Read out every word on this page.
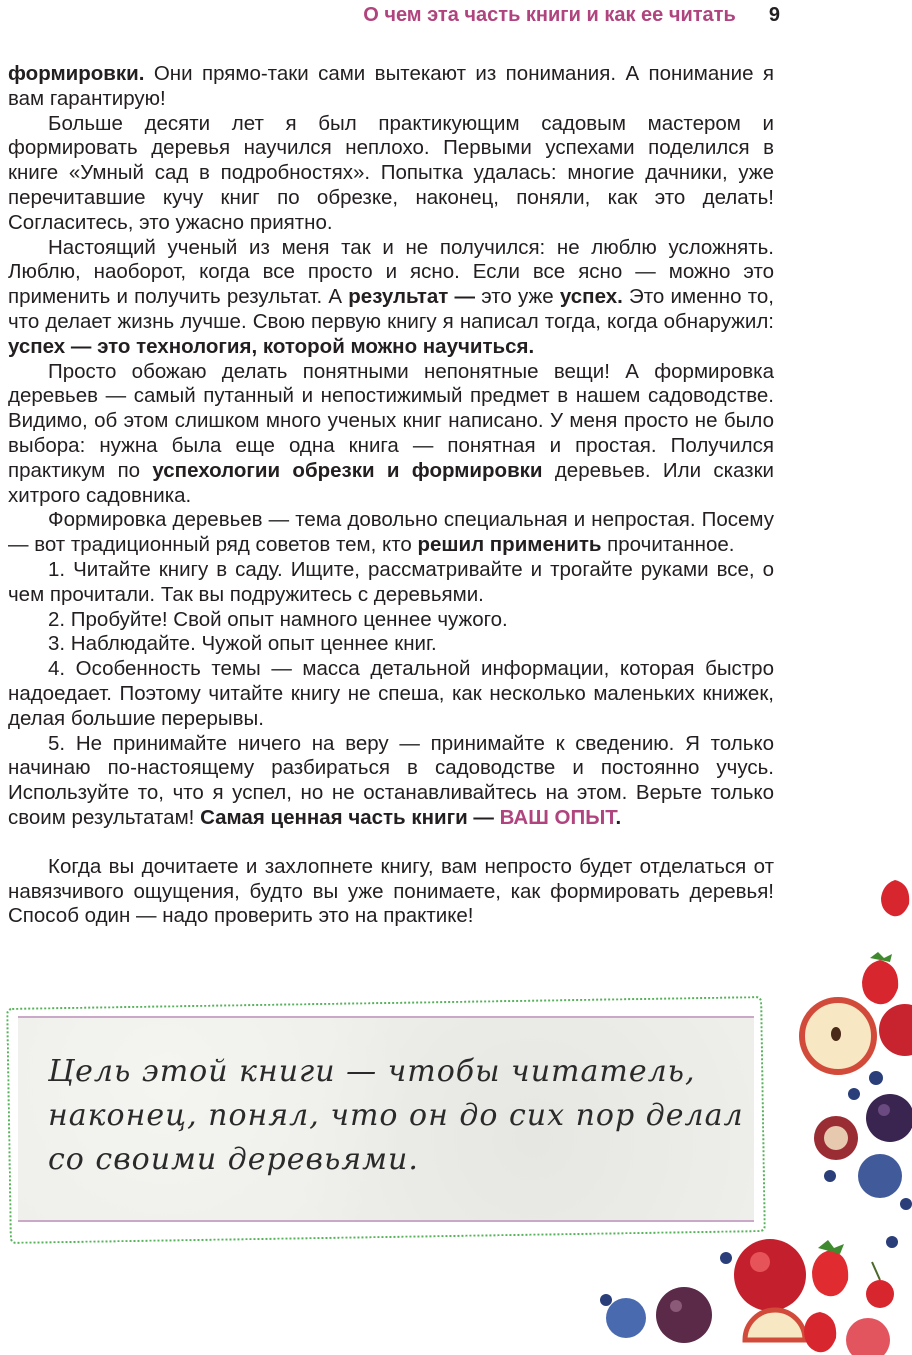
О чем эта часть книги и как ее читать 9

формировки. Они прямо-таки сами вытекают из понимания. А понимание я вам гарантирую!

Больше десяти лет я был практикующим садовым мастером и формировать деревья научился неплохо. Первыми успехами поделился в книге «Умный сад в подробностях». Попытка удалась: многие дачники, уже перечитавшие кучу книг по обрезке, наконец, поняли, как это делать! Согласитесь, это ужасно приятно.

Настоящий ученый из меня так и не получился: не люблю усложнять. Люблю, наоборот, когда все просто и ясно. Если все ясно — можно это применить и получить результат. А результат — это уже успех. Это именно то, что делает жизнь лучше. Свою первую книгу я написал тогда, когда обнаружил: успех — это технология, которой можно научиться.

Просто обожаю делать понятными непонятные вещи! А формировка деревьев — самый путанный и непостижимый предмет в нашем садоводстве. Видимо, об этом слишком много ученых книг написано. У меня просто не было выбора: нужна была еще одна книга — понятная и простая. Получился практикум по успехологии обрезки и формировки деревьев. Или сказки хитрого садовника.

Формировка деревьев — тема довольно специальная и непростая. Посему — вот традиционный ряд советов тем, кто решил применить прочитанное.

1. Читайте книгу в саду. Ищите, рассматривайте и трогайте руками все, о чем прочитали. Так вы подружитесь с деревьями.

2. Пробуйте! Свой опыт намного ценнее чужого.

3. Наблюдайте. Чужой опыт ценнее книг.

4. Особенность темы — масса детальной информации, которая быстро надоедает. Поэтому читайте книгу не спеша, как несколько маленьких книжек, делая большие перерывы.

5. Не принимайте ничего на веру — принимайте к сведению. Я только начинаю по-настоящему разбираться в садоводстве и постоянно учусь. Используйте то, что я успел, но не останавливайтесь на этом. Верьте только своим результатам! Самая ценная часть книги — ВАШ ОПЫТ.

Когда вы дочитаете и захлопнете книгу, вам непросто будет отделаться от навязчивого ощущения, будто вы уже понимаете, как формировать деревья! Способ один — надо проверить это на практике!

Цель этой книги — чтобы читатель,
наконец, понял, что он до сих пор делал
со своими деревьями.
